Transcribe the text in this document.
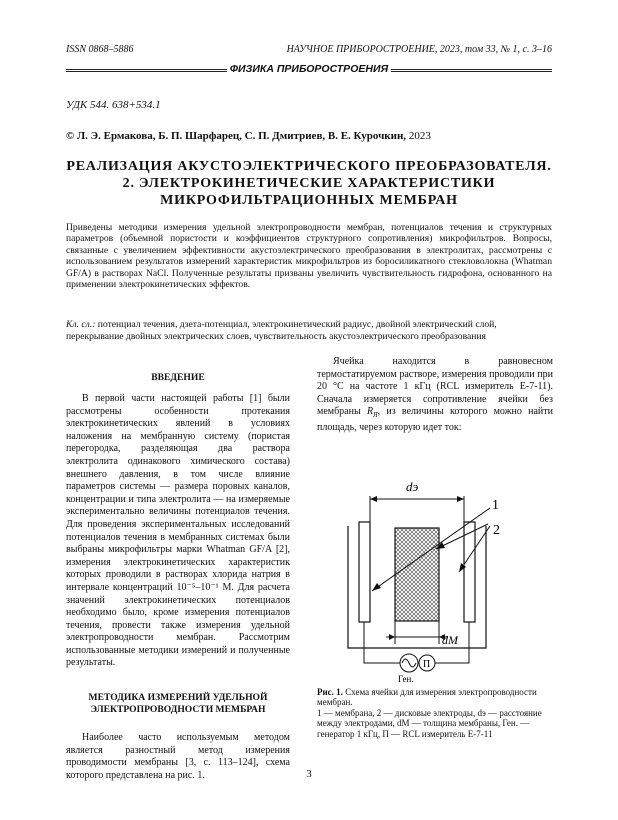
ISSN 0868–5886	НАУЧНОЕ ПРИБОРОСТРОЕНИЕ, 2023, том 33, № 1, с. 3–16
ФИЗИКА ПРИБОРОСТРОЕНИЯ
УДК 544. 638+534.1
© Л. Э. Ермакова, Б. П. Шарфарец, С. П. Дмитриев, В. Е. Курочкин, 2023
РЕАЛИЗАЦИЯ АКУСТОЭЛЕКТРИЧЕСКОГО ПРЕОБРАЗОВАТЕЛЯ.
2. ЭЛЕКТРОКИНЕТИЧЕСКИЕ ХАРАКТЕРИСТИКИ
МИКРОФИЛЬТРАЦИОННЫХ МЕМБРАН
Приведены методики измерения удельной электропроводности мембран, потенциалов течения и структурных параметров (объемной пористости и коэффициентов структурного сопротивления) микрофильтров. Вопросы, связанные с увеличением эффективности акустоэлектрического преобразования в электролитах, рассмотрены с использованием результатов измерений характеристик микрофильтров из боросиликатного стекловолокна (Whatman GF/A) в растворах NaCl. Полученные результаты призваны увеличить чувствительность гидрофона, основанного на применении электрокинетических эффектов.
Кл. сл.: потенциал течения, дзета-потенциал, электрокинетический радиус, двойной электрический слой, перекрывание двойных электрических слоев, чувствительность акустоэлектрического преобразования
ВВЕДЕНИЕ

В первой части настоящей работы [1] были рассмотрены особенности протекания электрокинетических явлений в условиях наложения на мембранную систему (пористая перегородка, разделяющая два раствора электролита одинакового химического состава) внешнего давления, в том числе влияние параметров системы — размера поровых каналов, концентрации и типа электролита — на измеряемые экспериментально величины потенциалов течения. Для проведения экспериментальных исследований потенциалов течения в мембранных системах были выбраны микрофильтры марки Whatman GF/A [2], измерения электрокинетических характеристик которых проводили в растворах хлорида натрия в интервале концентраций 10⁻⁵–10⁻¹ М. Для расчета значений электрокинетических потенциалов необходимо было, кроме измерения потенциалов течения, провести также измерения удельной электропроводности мембран. Рассмотрим использованные методики измерений и полученные результаты.

МЕТОДИКА ИЗМЕРЕНИЙ УДЕЛЬНОЙ
ЭЛЕКТРОПРОВОДНОСТИ МЕМБРАН

Наиболее часто используемым методом является разностный метод измерения проводимости мембраны [3, с. 113–124], схема которого представлена на рис. 1.

Ячейка находится в равновесном термостатируемом растворе, измерения проводили при 20 °С на частоте 1 кГц (RCL измеритель Е-7-11). Сначала измеряется сопротивление ячейки без мембраны $R_Я$, из величины которого можно найти площадь, через которую идет ток:

dэ
dM
1
2
П
Ген.
Рис. 1. Схема ячейки для измерения электропроводности мембран.
1 — мембрана, 2 — дисковые электроды, dэ — расстояние между электродами, dM — толщина мембраны, Ген. — генератор 1 кГц, П — RCL измеритель Е-7-11
3
